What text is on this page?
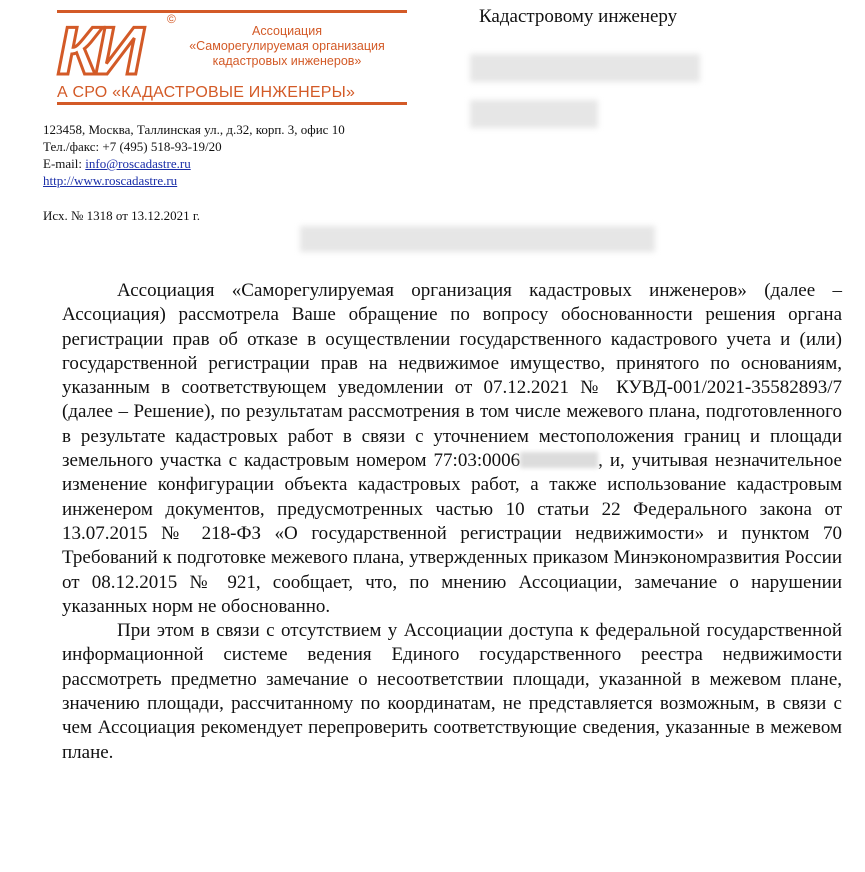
КИ	©
Ассоциация
«Саморегулируемая организация
кадастровых инженеров»
А СРО «КАДАСТРОВЫЕ ИНЖЕНЕРЫ»
Кадастровому инженеру
123458, Москва, Таллинская ул., д.32, корп. 3, офис 10
Тел./факс: +7 (495) 518-93-19/20
E-mail: info@roscadastre.ru
http://www.roscadastre.ru
Исх. № 1318 от 13.12.2021 г.

Ассоциация «Саморегулируемая организация кадастровых инженеров» (далее – Ассоциация) рассмотрела Ваше обращение по вопросу обоснованности решения органа регистрации прав об отказе в осуществлении государственного кадастрового учета и (или) государственной регистрации прав на недвижимое имущество, принятого по основаниям, указанным в соответствующем уведомлении от 07.12.2021 № КУВД-001/2021-35582893/7 (далее – Решение), по результатам рассмотрения в том числе межевого плана, подготовленного в результате кадастровых работ в связи с уточнением местоположения границ и площади земельного участка с кадастровым номером 77:03:0006	, и, учитывая незначительное изменение конфигурации объекта кадастровых работ, а также использование кадастровым инженером документов, предусмотренных частью 10 статьи 22 Федерального закона от 13.07.2015 № 218-ФЗ «О государственной регистрации недвижимости» и пунктом 70 Требований к подготовке межевого плана, утвержденных приказом Минэкономразвития России от 08.12.2015 № 921, сообщает, что, по мнению Ассоциации, замечание о нарушении указанных норм не обоснованно.

При этом в связи с отсутствием у Ассоциации доступа к федеральной государственной информационной системе ведения Единого государственного реестра недвижимости рассмотреть предметно замечание о несоответствии площади, указанной в межевом плане, значению площади, рассчитанному по координатам, не представляется возможным, в связи с чем Ассоциация рекомендует перепроверить соответствующие сведения, указанные в межевом плане.
